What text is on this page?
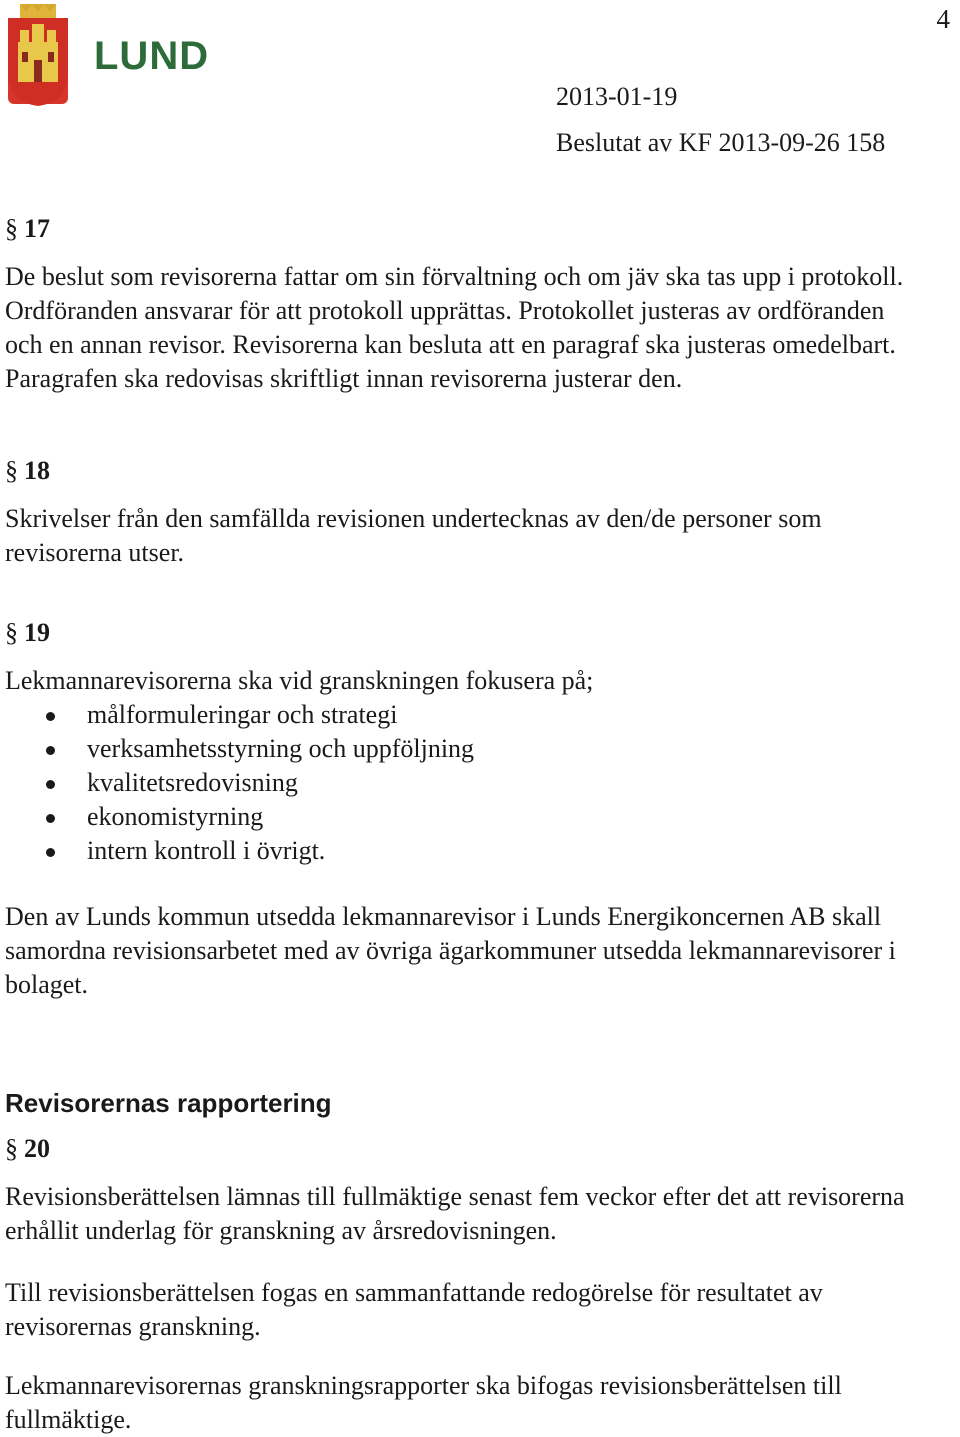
LUND
4
2013-01-19
Beslutat av KF 2013-09-26 158
§ 17
De beslut som revisorerna fattar om sin förvaltning och om jäv ska tas upp i protokoll.
Ordföranden ansvarar för att protokoll upprättas. Protokollet justeras av ordföranden
och en annan revisor. Revisorerna kan besluta att en paragraf ska justeras omedelbart.
Paragrafen ska redovisas skriftligt innan revisorerna justerar den.
§ 18
Skrivelser från den samfällda revisionen undertecknas av den/de personer som
revisorerna utser.
§ 19
Lekmannarevisorerna ska vid granskningen fokusera på;
målformuleringar och strategi
verksamhetsstyrning och uppföljning
kvalitetsredovisning
ekonomistyrning
intern kontroll i övrigt.
Den av Lunds kommun utsedda lekmannarevisor i Lunds Energikoncernen AB skall
samordna revisionsarbetet med av övriga ägarkommuner utsedda lekmannarevisorer i
bolaget.
Revisorernas rapportering
§ 20
Revisionsberättelsen lämnas till fullmäktige senast fem veckor efter det att revisorerna
erhållit underlag för granskning av årsredovisningen.
Till revisionsberättelsen fogas en sammanfattande redogörelse för resultatet av
revisorernas granskning.
Lekmannarevisorernas granskningsrapporter ska bifogas revisionsberättelsen till
fullmäktige.
